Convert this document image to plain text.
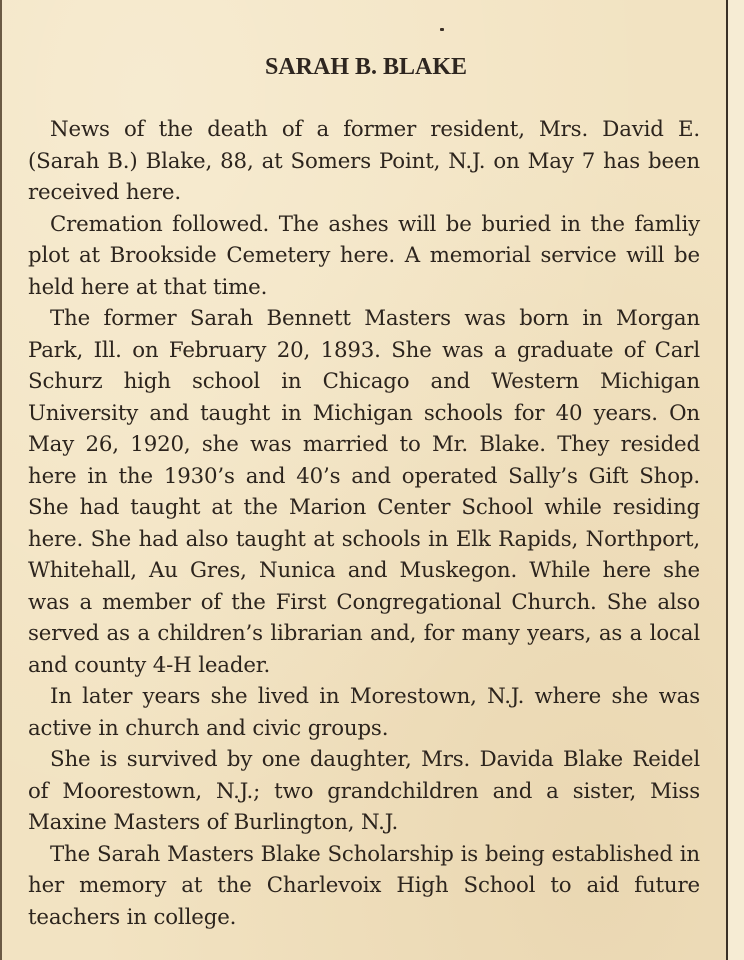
SARAH B. BLAKE

News of the death of a former resident, Mrs. David E. (Sarah B.) Blake, 88, at Somers Point, N.J. on May 7 has been received here.

Cremation followed. The ashes will be buried in the famliy plot at Brookside Cemetery here. A memorial service will be held here at that time.

The former Sarah Bennett Masters was born in Morgan Park, Ill. on February 20, 1893. She was a graduate of Carl Schurz high school in Chicago and Western Michigan University and taught in Michigan schools for 40 years. On May 26, 1920, she was married to Mr. Blake. They resided here in the 1930’s and 40’s and operated Sally’s Gift Shop. She had taught at the Marion Center School while residing here. She had also taught at schools in Elk Rapids, Northport, Whitehall, Au Gres, Nunica and Muskegon. While here she was a member of the First Congregational Church. She also served as a children’s librarian and, for many years, as a local and county 4-H leader.

In later years she lived in Morestown, N.J. where she was active in church and civic groups.

She is survived by one daughter, Mrs. Davida Blake Reidel of Moorestown, N.J.; two grandchildren and a sister, Miss Maxine Masters of Burlington, N.J.

The Sarah Masters Blake Scholarship is being established in her memory at the Charlevoix High School to aid future teachers in college.
